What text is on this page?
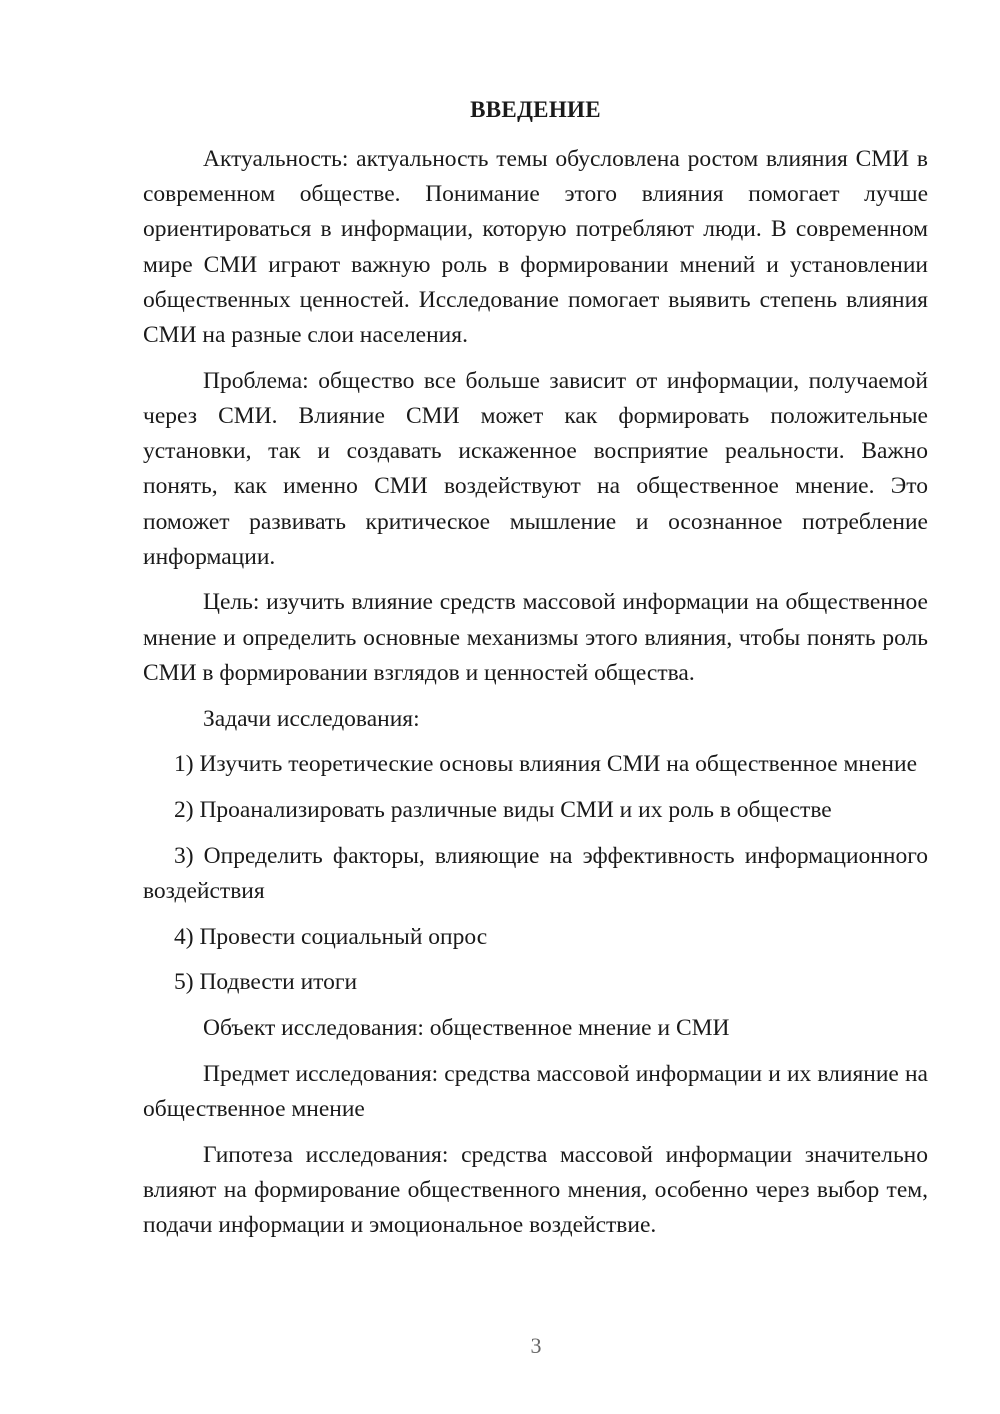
ВВЕДЕНИЕ

Актуальность: актуальность темы обусловлена ростом влияния СМИ в современном обществе. Понимание этого влияния помогает лучше ориентироваться в информации, которую потребляют люди. В современном мире СМИ играют важную роль в формировании мнений и установлении общественных ценностей. Исследование помогает выявить степень влияния СМИ на разные слои населения.

Проблема: общество все больше зависит от информации, получаемой через СМИ. Влияние СМИ может как формировать положительные установки, так и создавать искаженное восприятие реальности. Важно понять, как именно СМИ воздействуют на общественное мнение. Это поможет развивать критическое мышление и осознанное потребление информации.

Цель: изучить влияние средств массовой информации на общественное мнение и определить основные механизмы этого влияния, чтобы понять роль СМИ в формировании взглядов и ценностей общества.

Задачи исследования:

1) Изучить теоретические основы влияния СМИ на общественное мнение

2) Проанализировать различные виды СМИ и их роль в обществе

3) Определить факторы, влияющие на эффективность информационного воздействия

4) Провести социальный опрос

5) Подвести итоги

Объект исследования: общественное мнение и СМИ

Предмет исследования: средства массовой информации и их влияние на общественное мнение

Гипотеза исследования: средства массовой информации значительно влияют на формирование общественного мнения, особенно через выбор тем, подачи информации и эмоциональное воздействие.

3
